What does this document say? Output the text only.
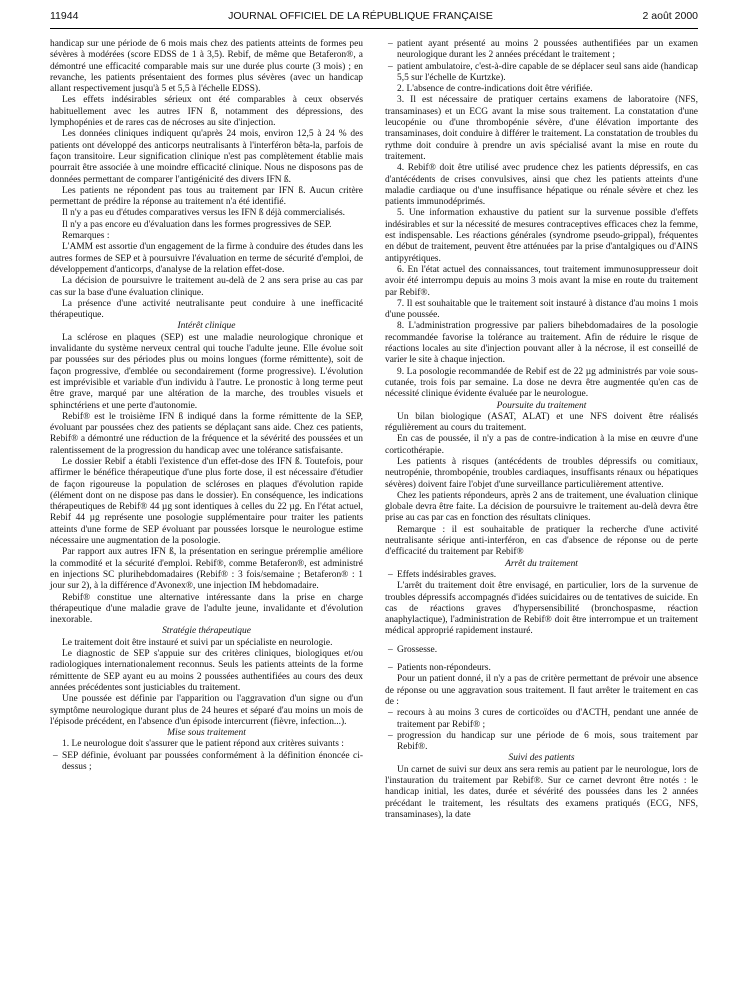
11944	JOURNAL OFFICIEL DE LA RÉPUBLIQUE FRANÇAISE	2 août 2000

handicap sur une période de 6 mois mais chez des patients atteints de formes peu sévères à modérées (score EDSS de 1 à 3,5). Rebif, de même que Betaferon®, a démontré une efficacité comparable mais sur une durée plus courte (3 mois) ; en revanche, les patients présentaient des formes plus sévères (avec un handicap allant respectivement jusqu'à 5 et 5,5 à l'échelle EDSS).

Les effets indésirables sérieux ont été comparables à ceux observés habituellement avec les autres IFN ß, notamment des dépressions, des lymphopénies et de rares cas de nécroses au site d'injection.

Les données cliniques indiquent qu'après 24 mois, environ 12,5 à 24 % des patients ont développé des anticorps neutralisants à l'interféron bêta-la, parfois de façon transitoire. Leur signification clinique n'est pas complètement établie mais pourrait être associée à une moindre efficacité clinique. Nous ne disposons pas de données permettant de comparer l'antigénicité des divers IFN ß.

Les patients ne répondent pas tous au traitement par IFN ß. Aucun critère permettant de prédire la réponse au traitement n'a été identifié.

Il n'y a pas eu d'études comparatives versus les IFN ß déjà commercialisés.

Il n'y a pas encore eu d'évaluation dans les formes progressives de SEP.

Remarques :

L'AMM est assortie d'un engagement de la firme à conduire des études dans les autres formes de SEP et à poursuivre l'évaluation en terme de sécurité d'emploi, de développement d'anticorps, d'analyse de la relation effet-dose.

La décision de poursuivre le traitement au-delà de 2 ans sera prise au cas par cas sur la base d'une évaluation clinique.

La présence d'une activité neutralisante peut conduire à une inefficacité thérapeutique.

Intérêt clinique

La sclérose en plaques (SEP) est une maladie neurologique chronique et invalidante du système nerveux central qui touche l'adulte jeune. Elle évolue soit par poussées sur des périodes plus ou moins longues (forme rémittente), soit de façon progressive, d'emblée ou secondairement (forme progressive). L'évolution est imprévisible et variable d'un individu à l'autre. Le pronostic à long terme peut être grave, marqué par une altération de la marche, des troubles visuels et sphinctériens et une perte d'autonomie.

Rebif® est le troisième IFN ß indiqué dans la forme rémittente de la SEP, évoluant par poussées chez des patients se déplaçant sans aide. Chez ces patients, Rebif® a démontré une réduction de la fréquence et la sévérité des poussées et un ralentissement de la progression du handicap avec une tolérance satisfaisante.

Le dossier Rebif a établi l'existence d'un effet-dose des IFN ß. Toutefois, pour affirmer le bénéfice thérapeutique d'une plus forte dose, il est nécessaire d'étudier de façon rigoureuse la population de scléroses en plaques d'évolution rapide (élément dont on ne dispose pas dans le dossier). En conséquence, les indications thérapeutiques de Rebif® 44 µg sont identiques à celles du 22 µg. En l'état actuel, Rebif 44 µg représente une posologie supplémentaire pour traiter les patients atteints d'une forme de SEP évoluant par poussées lorsque le neurologue estime nécessaire une augmentation de la posologie.

Par rapport aux autres IFN ß, la présentation en seringue préremplie améliore la commodité et la sécurité d'emploi. Rebif®, comme Betaferon®, est administré en injections SC plurihebdomadaires (Rebif® : 3 fois/semaine ; Betaferon® : 1 jour sur 2), à la différence d'Avonex®, une injection IM hebdomadaire.

Rebif® constitue une alternative intéressante dans la prise en charge thérapeutique d'une maladie grave de l'adulte jeune, invalidante et d'évolution inexorable.

Stratégie thérapeutique

Le traitement doit être instauré et suivi par un spécialiste en neurologie.

Le diagnostic de SEP s'appuie sur des critères cliniques, biologiques et/ou radiologiques internationalement reconnus. Seuls les patients atteints de la forme rémittente de SEP ayant eu au moins 2 poussées authentifiées au cours des deux années précédentes sont justiciables du traitement.

Une poussée est définie par l'apparition ou l'aggravation d'un signe ou d'un symptôme neurologique durant plus de 24 heures et séparé d'au moins un mois de l'épisode précédent, en l'absence d'un épisode intercurrent (fièvre, infection...).

Mise sous traitement

1. Le neurologue doit s'assurer que le patient répond aux critères suivants :

– SEP définie, évoluant par poussées conformément à la définition énoncée ci-dessus ;

– patient ayant présenté au moins 2 poussées authentifiées par un examen neurologique durant les 2 années précédant le traitement ;

– patient ambulatoire, c'est-à-dire capable de se déplacer seul sans aide (handicap 5,5 sur l'échelle de Kurtzke).

2. L'absence de contre-indications doit être vérifiée.

3. Il est nécessaire de pratiquer certains examens de laboratoire (NFS, transaminases) et un ECG avant la mise sous traitement. La constatation d'une leucopénie ou d'une thrombopénie sévère, d'une élévation importante des transaminases, doit conduire à différer le traitement. La constatation de troubles du rythme doit conduire à prendre un avis spécialisé avant la mise en route du traitement.

4. Rebif® doit être utilisé avec prudence chez les patients dépressifs, en cas d'antécédents de crises convulsives, ainsi que chez les patients atteints d'une maladie cardiaque ou d'une insuffisance hépatique ou rénale sévère et chez les patients immunodéprimés.

5. Une information exhaustive du patient sur la survenue possible d'effets indésirables et sur la nécessité de mesures contraceptives efficaces chez la femme, est indispensable. Les réactions générales (syndrome pseudo-grippal), fréquentes en début de traitement, peuvent être atténuées par la prise d'antalgiques ou d'AINS antipyrétiques.

6. En l'état actuel des connaissances, tout traitement immunosuppresseur doit avoir été interrompu depuis au moins 3 mois avant la mise en route du traitement par Rebif®.

7. Il est souhaitable que le traitement soit instauré à distance d'au moins 1 mois d'une poussée.

8. L'administration progressive par paliers bihebdomadaires de la posologie recommandée favorise la tolérance au traitement. Afin de réduire le risque de réactions locales au site d'injection pouvant aller à la nécrose, il est conseillé de varier le site à chaque injection.

9. La posologie recommandée de Rebif est de 22 µg administrés par voie sous-cutanée, trois fois par semaine. La dose ne devra être augmentée qu'en cas de nécessité clinique évidente évaluée par le neurologue.

Poursuite du traitement

Un bilan biologique (ASAT, ALAT) et une NFS doivent être réalisés régulièrement au cours du traitement.

En cas de poussée, il n'y a pas de contre-indication à la mise en œuvre d'une corticothérapie.

Les patients à risques (antécédents de troubles dépressifs ou comitiaux, neutropénie, thrombopénie, troubles cardiaques, insuffisants rénaux ou hépatiques sévères) doivent faire l'objet d'une surveillance particulièrement attentive.

Chez les patients répondeurs, après 2 ans de traitement, une évaluation clinique globale devra être faite. La décision de poursuivre le traitement au-delà devra être prise au cas par cas en fonction des résultats cliniques.

Remarque : il est souhaitable de pratiquer la recherche d'une activité neutralisante sérique anti-interféron, en cas d'absence de réponse ou de perte d'efficacité du traitement par Rebif®

Arrêt du traitement

– Effets indésirables graves.

L'arrêt du traitement doit être envisagé, en particulier, lors de la survenue de troubles dépressifs accompagnés d'idées suicidaires ou de tentatives de suicide. En cas de réactions graves d'hypersensibilité (bronchospasme, réaction anaphylactique), l'administration de Rebif® doit être interrompue et un traitement médical approprié rapidement instauré.

– Grossesse.

– Patients non-répondeurs.

Pour un patient donné, il n'y a pas de critère permettant de prévoir une absence de réponse ou une aggravation sous traitement. Il faut arrêter le traitement en cas de :

– recours à au moins 3 cures de corticoïdes ou d'ACTH, pendant une année de traitement par Rebif® ;

– progression du handicap sur une période de 6 mois, sous traitement par Rebif®.

Suivi des patients

Un carnet de suivi sur deux ans sera remis au patient par le neurologue, lors de l'instauration du traitement par Rebif®. Sur ce carnet devront être notés : le handicap initial, les dates, durée et sévérité des poussées dans les 2 années précédant le traitement, les résultats des examens pratiqués (ECG, NFS, transaminases), la date
